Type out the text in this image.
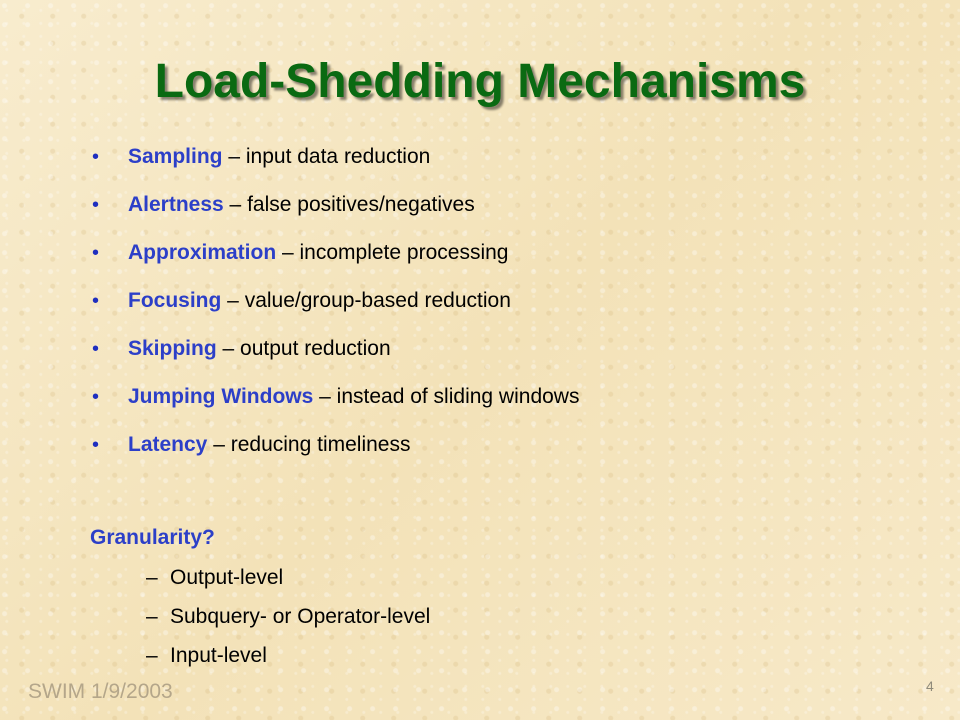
Load-Shedding Mechanisms
• Sampling – input data reduction
• Alertness – false positives/negatives
• Approximation – incomplete processing
• Focusing – value/group-based reduction
• Skipping – output reduction
• Jumping Windows – instead of sliding windows
• Latency – reducing timeliness
Granularity?
– Output-level
– Subquery- or Operator-level
– Input-level
SWIM 1/9/2003	4
